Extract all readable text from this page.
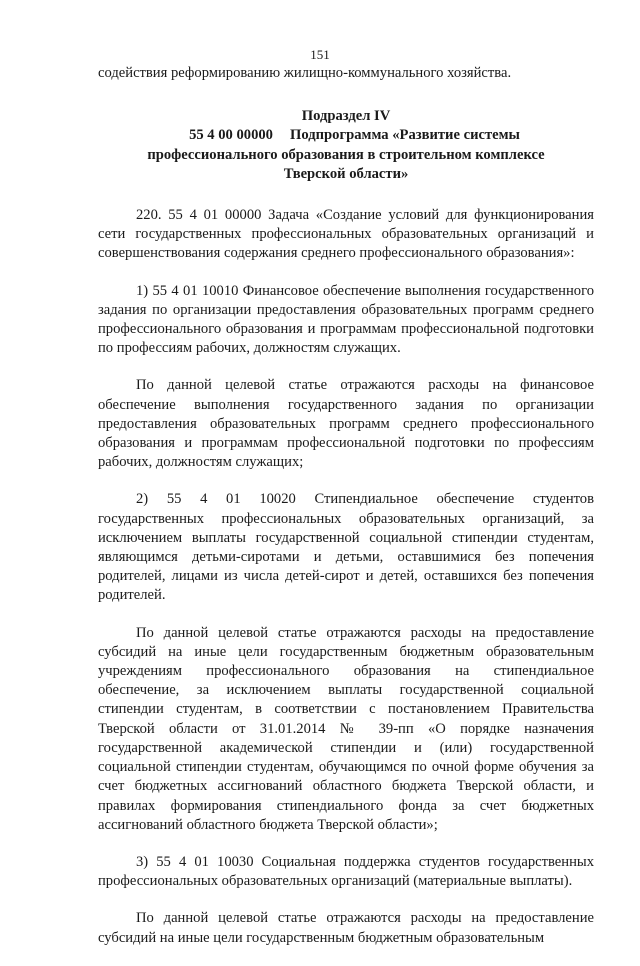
151

содействия реформированию жилищно-коммунального хозяйства.

Подраздел IV
55 4 00 00000 Подпрограмма «Развитие системы
профессионального образования в строительном комплексе
Тверской области»

220. 55 4 01 00000 Задача «Создание условий для функционирования сети государственных профессиональных образовательных организаций и совершенствования содержания среднего профессионального образования»:

1) 55 4 01 10010 Финансовое обеспечение выполнения государственного задания по организации предоставления образовательных программ среднего профессионального образования и программам профессиональной подготовки по профессиям рабочих, должностям служащих.

По данной целевой статье отражаются расходы на финансовое обеспечение выполнения государственного задания по организации предоставления образовательных программ среднего профессионального образования и программам профессиональной подготовки по профессиям рабочих, должностям служащих;

2) 55 4 01 10020 Стипендиальное обеспечение студентов государственных профессиональных образовательных организаций, за исключением выплаты государственной социальной стипендии студентам, являющимся детьми-сиротами и детьми, оставшимися без попечения родителей, лицами из числа детей-сирот и детей, оставшихся без попечения родителей.

По данной целевой статье отражаются расходы на предоставление субсидий на иные цели государственным бюджетным образовательным учреждениям профессионального образования на стипендиальное обеспечение, за исключением выплаты государственной социальной стипендии студентам, в соответствии с постановлением Правительства Тверской области от 31.01.2014 № 39-пп «О порядке назначения государственной академической стипендии и (или) государственной социальной стипендии студентам, обучающимся по очной форме обучения за счет бюджетных ассигнований областного бюджета Тверской области, и правилах формирования стипендиального фонда за счет бюджетных ассигнований областного бюджета Тверской области»;

3) 55 4 01 10030 Социальная поддержка студентов государственных профессиональных образовательных организаций (материальные выплаты).

По данной целевой статье отражаются расходы на предоставление субсидий на иные цели государственным бюджетным образовательным
